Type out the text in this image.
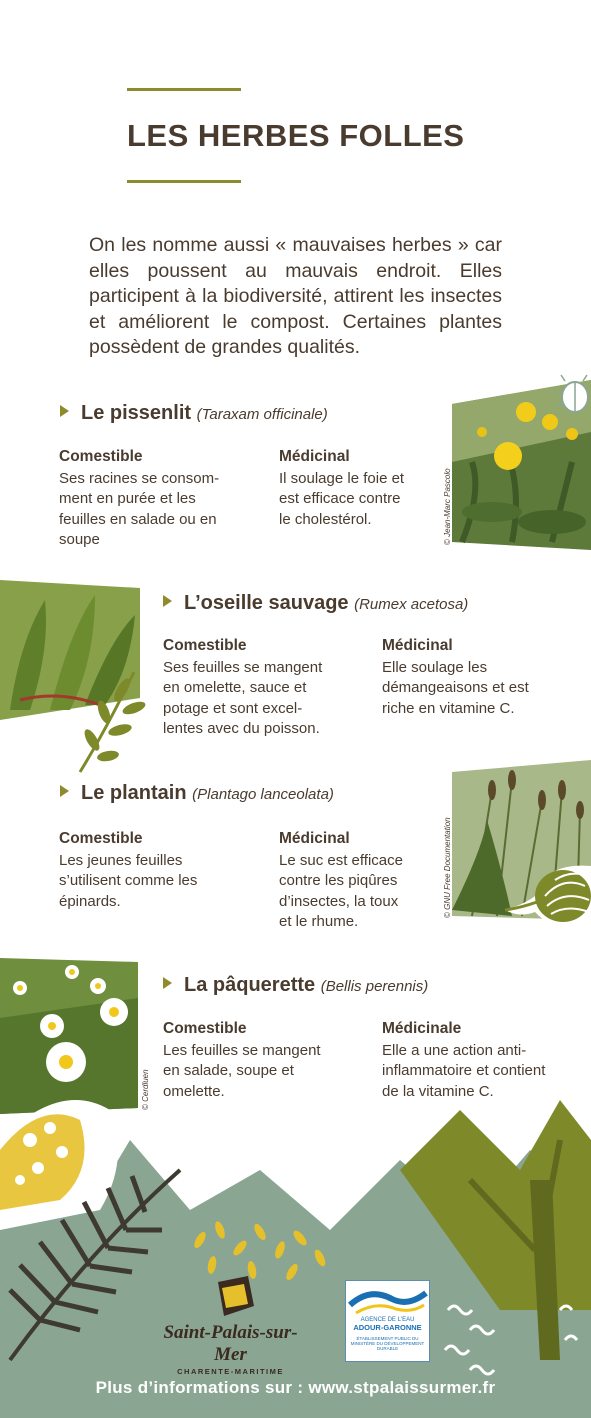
LES HERBES FOLLES
On les nomme aussi « mauvaises herbes » car elles poussent au mauvais endroit. Elles participent à la biodiversité, attirent les insectes et améliorent le compost. Certaines plantes possèdent de grandes qualités.
Le pissenlit (Taraxam officinale)
Comestible
Ses racines se consom-
ment en purée et les
feuilles en salade ou en
soupe
Médicinal
Il soulage le foie et
est efficace contre
le cholestérol.	© Jean-Marc Pascolo
L’oseille sauvage (Rumex acetosa)
Comestible
Ses feuilles se mangent
en omelette, sauce et
potage et sont excel-
lentes avec du poisson.
Médicinal
Elle soulage les
démangeaisons et est
riche en vitamine C.
Le plantain (Plantago lanceolata)
Comestible
Les jeunes feuilles
s’utilisent comme les
épinards.
Médicinal
Le suc est efficace
contre les piqûres
d’insectes, la toux
et le rhume.
© GNU Free Documentation
© Cerdluen
La pâquerette (Bellis perennis)
Comestible
Les feuilles se mangent
en salade, soupe et
omelette.
Médicinale
Elle a une action anti-
inflammatoire et contient
de la vitamine C.
Saint-Palais-sur-Mer
CHARENTE-MARITIME
AGENCE DE L'EAU
ADOUR-GARONNE
ÉTABLISSEMENT PUBLIC DU MINISTÈRE DU DÉVELOPPEMENT DURABLE
Plus d’informations sur : www.stpalaissurmer.fr
